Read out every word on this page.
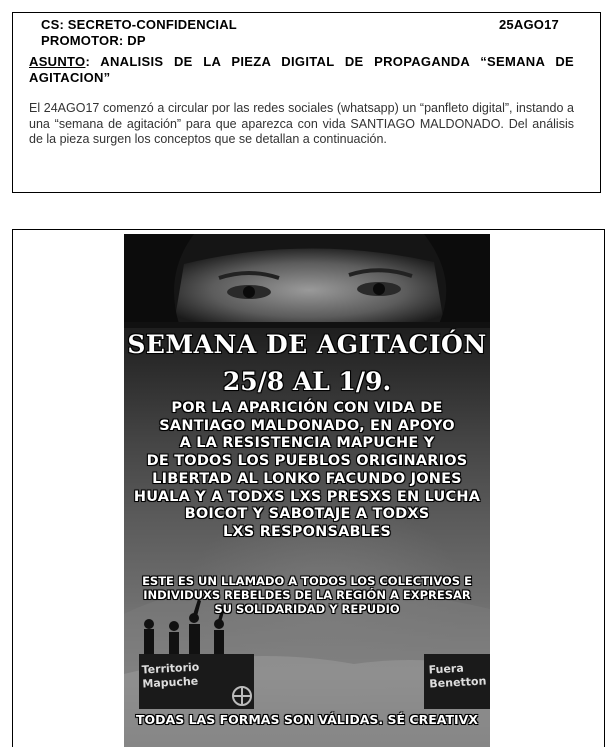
CS: SECRETO-CONFIDENCIAL	25AGO17
PROMOTOR: DP
ASUNTO: ANALISIS DE LA PIEZA DIGITAL DE PROPAGANDA “SEMANA DE AGITACION”
El 24AGO17 comenzó a circular por las redes sociales (whatsapp) un “panfleto digital”, instando a una “semana de agitación” para que aparezca con vida SANTIAGO MALDONADO. Del análisis de la pieza surgen los conceptos que se detallan a continuación.
Territorio
Mapuche
Fuera
Benetton
SEMANA DE AGITACIÓN
25/8 AL 1/9.
POR LA APARICIÓN CON VIDA DE
SANTIAGO MALDONADO, EN APOYO
A LA RESISTENCIA MAPUCHE Y
DE TODOS LOS PUEBLOS ORIGINARIOS
LIBERTAD AL LONKO FACUNDO JONES
HUALA Y A TODXS LXS PRESXS EN LUCHA
BOICOT Y SABOTAJE A TODXS
LXS RESPONSABLES
ESTE ES UN LLAMADO A TODOS LOS COLECTIVOS E
INDIVIDUXS REBELDES DE LA REGIÓN A EXPRESAR
SU SOLIDARIDAD Y REPUDIO
TODAS LAS FORMAS SON VÁLIDAS. SÉ CREATIVX
